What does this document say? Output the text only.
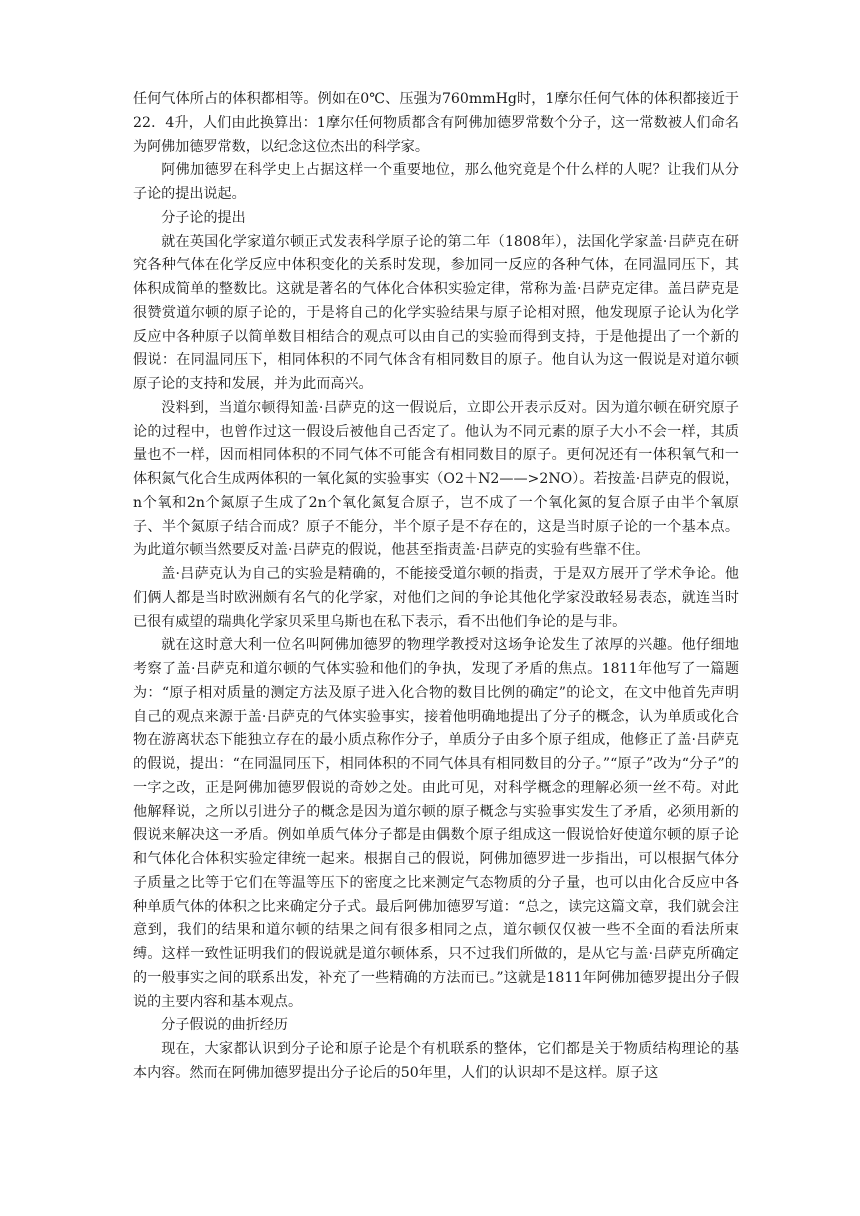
任何气体所占的体积都相等。例如在0℃、压强为760mmHg时，1摩尔任何气体的体积都接近于22．4升，人们由此换算出：1摩尔任何物质都含有阿佛加德罗常数个分子，这一常数被人们命名为阿佛加德罗常数，以纪念这位杰出的科学家。

阿佛加德罗在科学史上占据这样一个重要地位，那么他究竟是个什么样的人呢？让我们从分子论的提出说起。

分子论的提出

就在英国化学家道尔顿正式发表科学原子论的第二年（1808年），法国化学家盖·吕萨克在研究各种气体在化学反应中体积变化的关系时发现，参加同一反应的各种气体，在同温同压下，其体积成简单的整数比。这就是著名的气体化合体积实验定律，常称为盖·吕萨克定律。盖吕萨克是很赞赏道尔顿的原子论的，于是将自己的化学实验结果与原子论相对照，他发现原子论认为化学反应中各种原子以简单数目相结合的观点可以由自己的实验而得到支持，于是他提出了一个新的假说：在同温同压下，相同体积的不同气体含有相同数目的原子。他自认为这一假说是对道尔顿原子论的支持和发展，并为此而高兴。

没料到，当道尔顿得知盖·吕萨克的这一假说后，立即公开表示反对。因为道尔顿在研究原子论的过程中，也曾作过这一假设后被他自己否定了。他认为不同元素的原子大小不会一样，其质量也不一样，因而相同体积的不同气体不可能含有相同数目的原子。更何况还有一体积氧气和一体积氮气化合生成两体积的一氧化氮的实验事实（O2＋N2——>2NO）。若按盖·吕萨克的假说，n个氧和2n个氮原子生成了2n个氧化氮复合原子，岂不成了一个氧化氮的复合原子由半个氧原子、半个氮原子结合而成？原子不能分，半个原子是不存在的，这是当时原子论的一个基本点。为此道尔顿当然要反对盖·吕萨克的假说，他甚至指责盖·吕萨克的实验有些靠不住。

盖·吕萨克认为自己的实验是精确的，不能接受道尔顿的指责，于是双方展开了学术争论。他们俩人都是当时欧洲颇有名气的化学家，对他们之间的争论其他化学家没敢轻易表态，就连当时已很有威望的瑞典化学家贝采里乌斯也在私下表示，看不出他们争论的是与非。

就在这时意大利一位名叫阿佛加德罗的物理学教授对这场争论发生了浓厚的兴趣。他仔细地考察了盖·吕萨克和道尔顿的气体实验和他们的争执，发现了矛盾的焦点。1811年他写了一篇题为：“原子相对质量的测定方法及原子进入化合物的数目比例的确定”的论文，在文中他首先声明自己的观点来源于盖·吕萨克的气体实验事实，接着他明确地提出了分子的概念，认为单质或化合物在游离状态下能独立存在的最小质点称作分子，单质分子由多个原子组成，他修正了盖·吕萨克的假说，提出：“在同温同压下，相同体积的不同气体具有相同数目的分子。”“原子”改为“分子”的一字之改，正是阿佛加德罗假说的奇妙之处。由此可见，对科学概念的理解必须一丝不苟。对此他解释说，之所以引进分子的概念是因为道尔顿的原子概念与实验事实发生了矛盾，必须用新的假说来解决这一矛盾。例如单质气体分子都是由偶数个原子组成这一假说恰好使道尔顿的原子论和气体化合体积实验定律统一起来。根据自己的假说，阿佛加德罗进一步指出，可以根据气体分子质量之比等于它们在等温等压下的密度之比来测定气态物质的分子量，也可以由化合反应中各种单质气体的体积之比来确定分子式。最后阿佛加德罗写道：“总之，读完这篇文章，我们就会注意到，我们的结果和道尔顿的结果之间有很多相同之点，道尔顿仅仅被一些不全面的看法所束缚。这样一致性证明我们的假说就是道尔顿体系，只不过我们所做的，是从它与盖·吕萨克所确定的一般事实之间的联系出发，补充了一些精确的方法而已。”这就是1811年阿佛加德罗提出分子假说的主要内容和基本观点。

分子假说的曲折经历

现在，大家都认识到分子论和原子论是个有机联系的整体，它们都是关于物质结构理论的基本内容。然而在阿佛加德罗提出分子论后的50年里，人们的认识却不是这样。原子这
